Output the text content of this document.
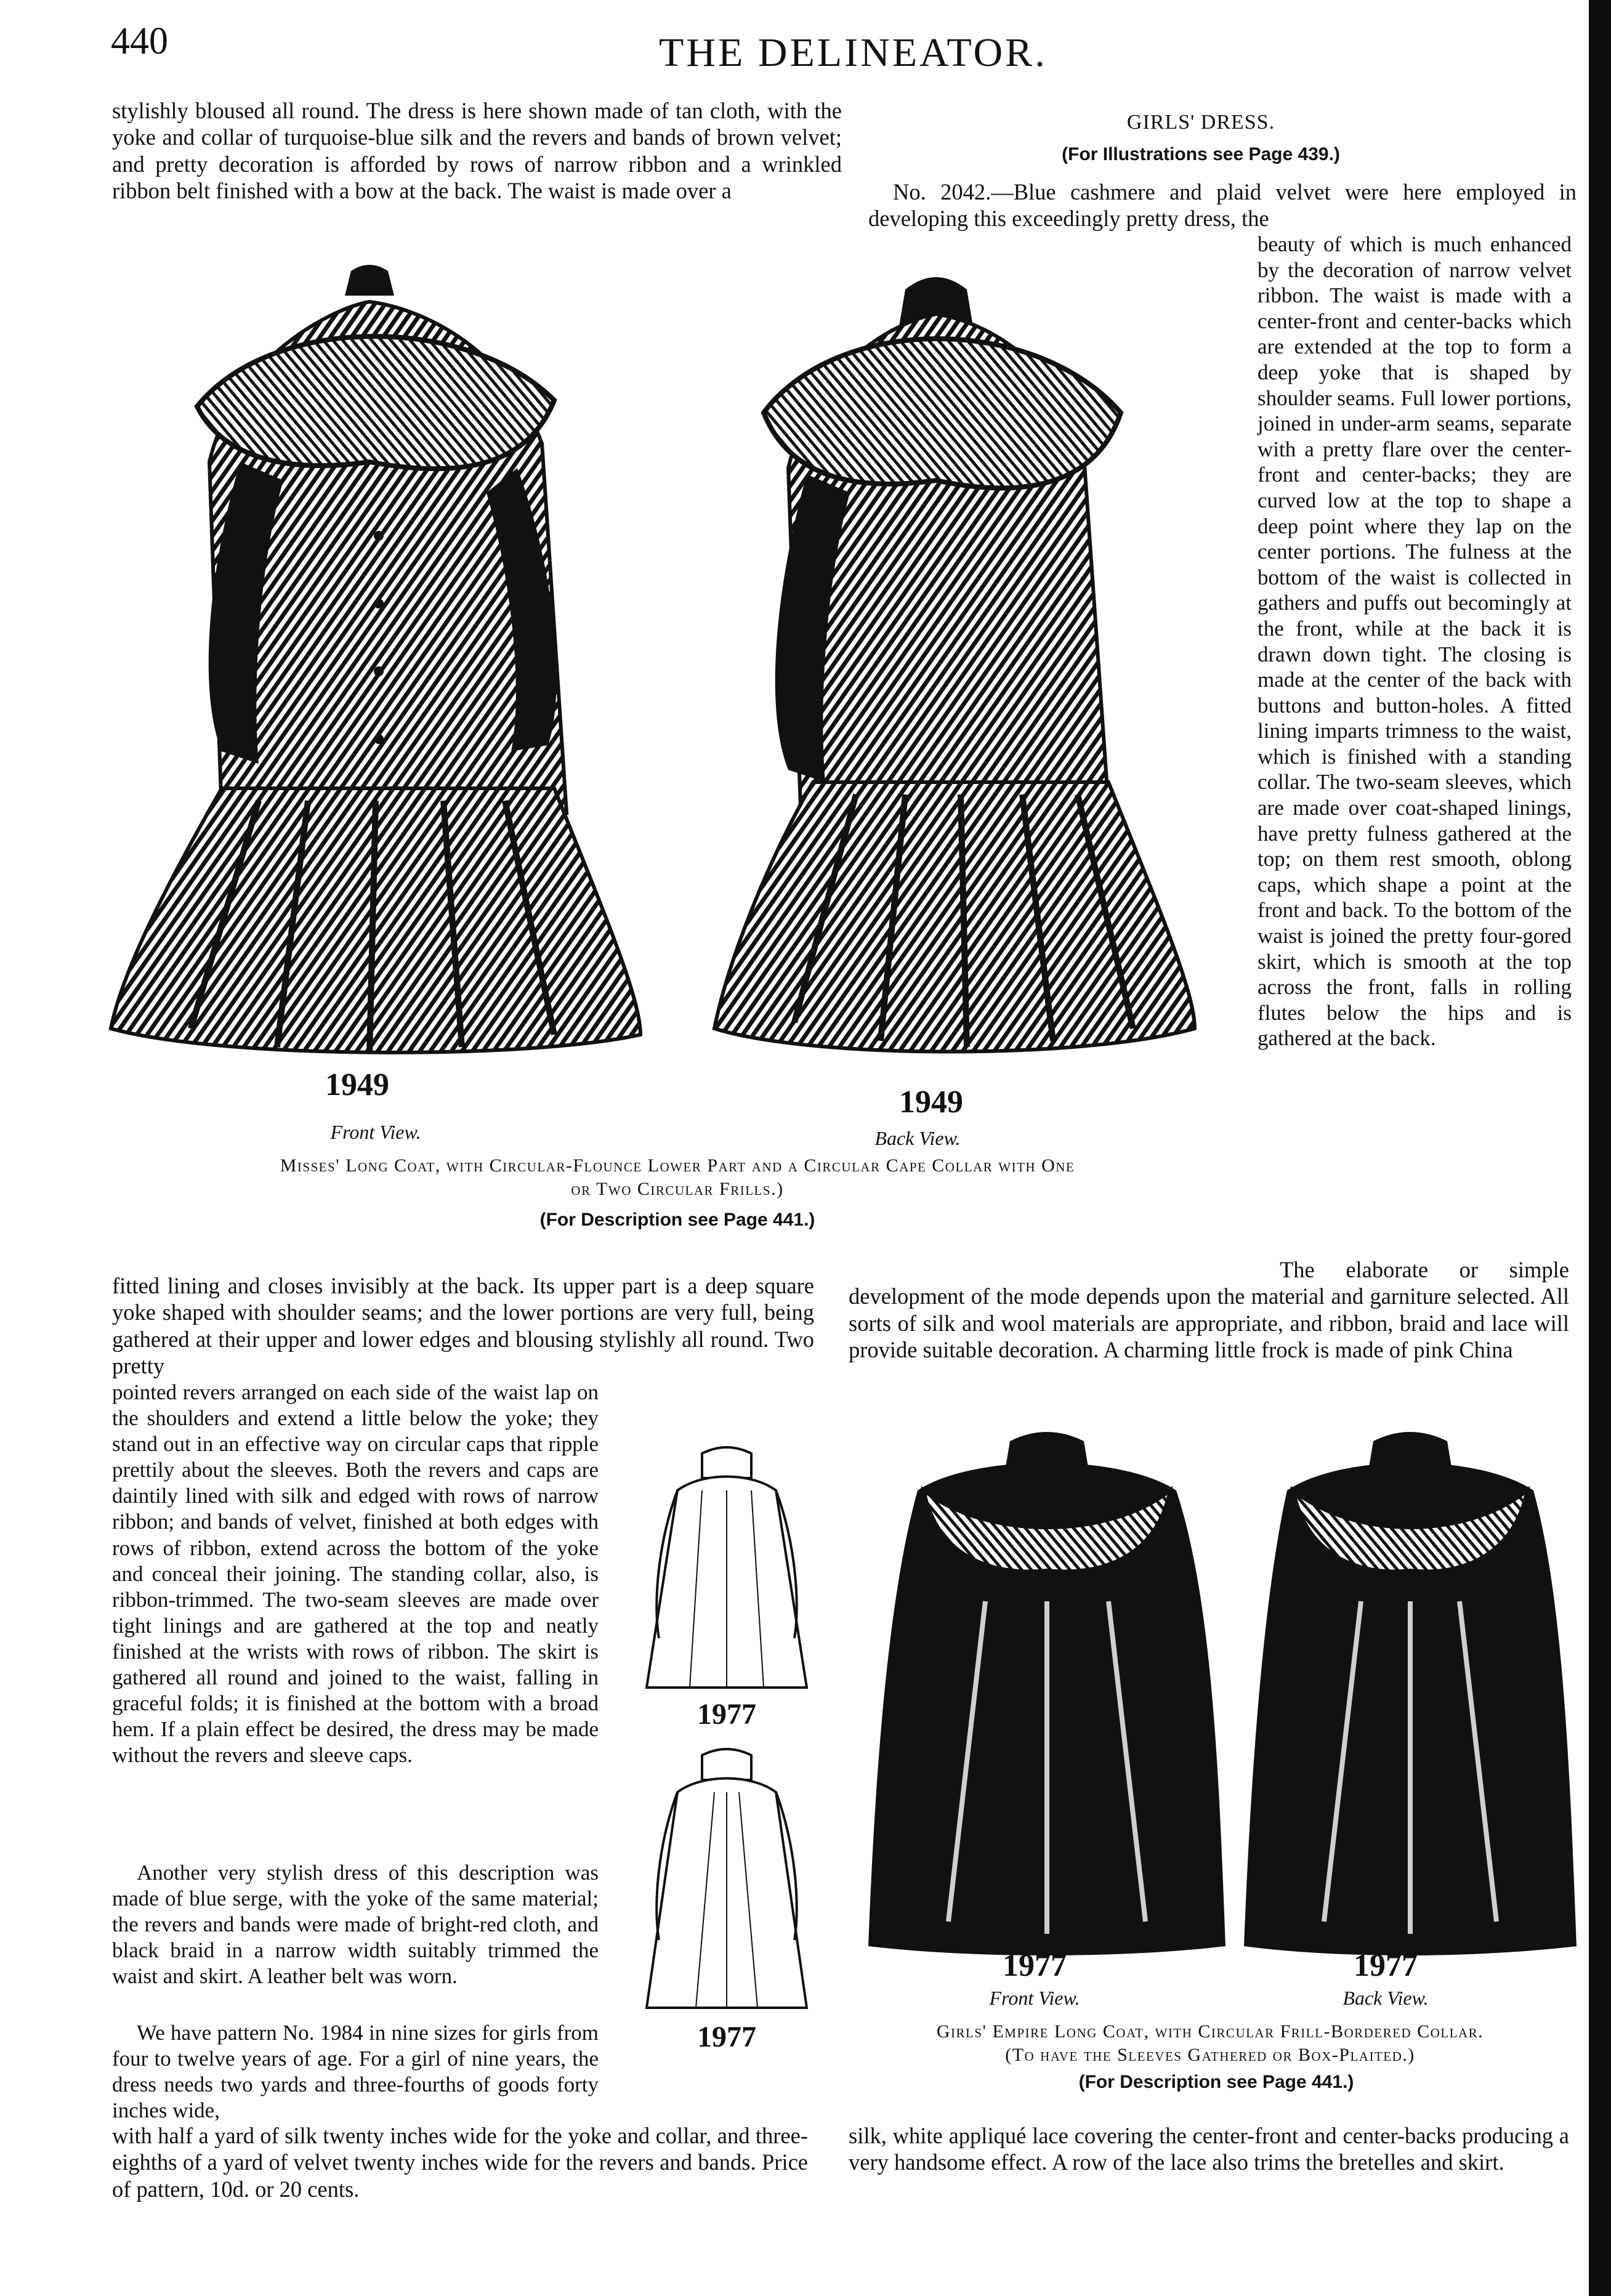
440	THE DELINEATOR.

stylishly bloused all round. The dress is here shown made of tan cloth, with the yoke and collar of turquoise-blue silk and the revers and bands of brown velvet; and pretty decoration is afforded by rows of narrow ribbon and a wrinkled ribbon belt finished with a bow at the back. The waist is made over a

GIRLS' DRESS.
(For Illustrations see Page 439.)

No. 2042.—Blue cashmere and plaid velvet were here employed in developing this exceedingly pretty dress, the

beauty of which is much enhanced by the decoration of narrow velvet ribbon. The waist is made with a center-front and center-backs which are extended at the top to form a deep yoke that is shaped by shoulder seams. Full lower portions, joined in under-arm seams, separate with a pretty flare over the center-front and center-backs; they are curved low at the top to shape a deep point where they lap on the center portions. The fulness at the bottom of the waist is collected in gathers and puffs out becomingly at the front, while at the back it is drawn down tight. The closing is made at the center of the back with buttons and button-holes. A fitted lining imparts trimness to the waist, which is finished with a standing collar. The two-seam sleeves, which are made over coat-shaped linings, have pretty fulness gathered at the top; on them rest smooth, oblong caps, which shape a point at the front and back. To the bottom of the waist is joined the pretty four-gored skirt, which is smooth at the top across the front, falls in rolling flutes below the hips and is gathered at the back.

The elaborate or simple development of the mode depends upon the material and garniture selected. All sorts of silk and wool materials are appropriate, and ribbon, braid and lace will provide suitable decoration. A charming little frock is made of pink China

1949	1949
Front View.	Back View.
Misses' Long Coat, with Circular-Flounce Lower Part and a Circular Cape Collar with One
or Two Circular Frills.)
(For Description see Page 441.)

fitted lining and closes invisibly at the back. Its upper part is a deep square yoke shaped with shoulder seams; and the lower portions are very full, being gathered at their upper and lower edges and blousing stylishly all round. Two pretty

pointed revers arranged on each side of the waist lap on the shoulders and extend a little below the yoke; they stand out in an effective way on circular caps that ripple prettily about the sleeves. Both the revers and caps are daintily lined with silk and edged with rows of narrow ribbon; and bands of velvet, finished at both edges with rows of ribbon, extend across the bottom of the yoke and conceal their joining. The standing collar, also, is ribbon-trimmed. The two-seam sleeves are made over tight linings and are gathered at the top and neatly finished at the wrists with rows of ribbon. The skirt is gathered all round and joined to the waist, falling in graceful folds; it is finished at the bottom with a broad hem. If a plain effect be desired, the dress may be made without the revers and sleeve caps.

Another very stylish dress of this description was made of blue serge, with the yoke of the same material; the revers and bands were made of bright-red cloth, and black braid in a narrow width suitably trimmed the waist and skirt. A leather belt was worn.

We have pattern No. 1984 in nine sizes for girls from four to twelve years of age. For a girl of nine years, the dress needs two yards and three-fourths of goods forty inches wide,

with half a yard of silk twenty inches wide for the yoke and collar, and three-eighths of a yard of velvet twenty inches wide for the revers and bands. Price of pattern, 10d. or 20 cents.

1977
1977
1977	1977
Front View.	Back View.
Girls' Empire Long Coat, with Circular Frill-Bordered Collar.
(To have the Sleeves Gathered or Box-Plaited.)
(For Description see Page 441.)

silk, white appliqué lace covering the center-front and center-backs producing a very handsome effect. A row of the lace also trims the bretelles and skirt.
